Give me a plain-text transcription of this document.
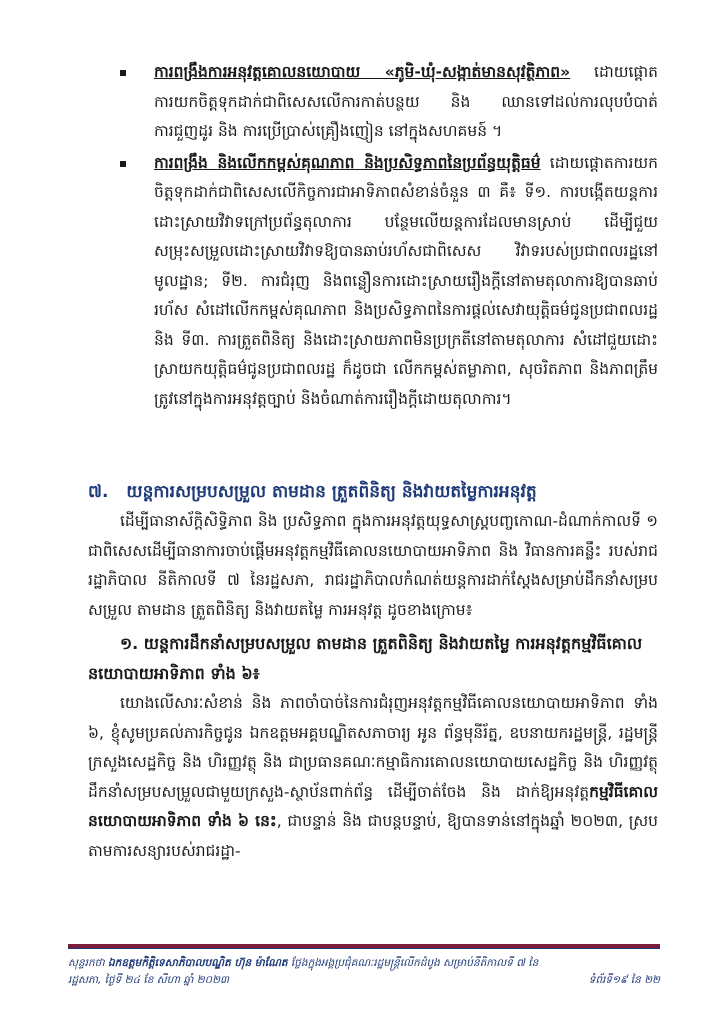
ការពង្រឹងការអនុវត្តគោលនយោបាយ «ភូមិ-ឃុំ-សង្កាត់មានសុវត្ថិភាព» ដោយផ្តោតការយកចិត្តទុកដាក់ជាពិសេសលើការកាត់បន្ថយ និង ឈានទៅដល់ការលុបបំបាត់ ការជួញដូរ និង ការប្រើប្រាស់គ្រឿងញៀន នៅក្នុងសហគមន៍ ។

ការពង្រឹង និងលើកកម្ពស់គុណភាព និងប្រសិទ្ធភាពនៃប្រព័ន្ធយុត្តិធម៌ ដោយផ្តោតការយកចិត្តទុកដាក់ជាពិសេសលើកិច្ចការជាអាទិភាពសំខាន់ចំនួន ៣ គឺ៖ ទី១. ការបង្កើតយន្តការដោះស្រាយវិវាទក្រៅប្រព័ន្ធតុលាការ បន្ថែមលើយន្តការដែលមានស្រាប់ ដើម្បីជួយសម្រុះសម្រួលដោះស្រាយវិវាទឱ្យបានឆាប់រហ័សជាពិសេស វិវាទរបស់ប្រជាពលរដ្ឋនៅមូលដ្ឋាន; ទី២. ការជំរុញ និងពន្លឿនការដោះស្រាយរឿងក្តីនៅតាមតុលាការឱ្យបានឆាប់រហ័ស សំដៅលើកកម្ពស់គុណភាព និងប្រសិទ្ធភាពនៃការផ្តល់សេវាយុត្តិធម៌ជូនប្រជាពលរដ្ឋ និង ទី៣. ការត្រួតពិនិត្យ និងដោះស្រាយភាពមិនប្រក្រតីនៅតាមតុលាការ សំដៅជួយដោះស្រាយកយុត្តិធម៌ជូនប្រជាពលរដ្ឋ ក៏ដូចជា លើកកម្ពស់តម្លាភាព, សុចរិតភាព និងភាពត្រឹមត្រូវនៅក្នុងការអនុវត្តច្បាប់ និងចំណាត់ការរឿងក្តីដោយតុលាការ។

៧. យន្តការសម្របសម្រួល តាមដាន ត្រួតពិនិត្យ និងវាយតម្លៃការអនុវត្ត

ដើម្បីធានាស័ក្តិសិទ្ធិភាព និង ប្រសិទ្ធភាព ក្នុងការអនុវត្តយុទ្ធសាស្ត្របញ្ចកោណ-ដំណាក់កាលទី ១ ជាពិសេសដើម្បីធានាការចាប់ផ្តើមអនុវត្តកម្មវិធីគោលនយោបាយអាទិភាព និង វិធានការគន្លឹះ របស់រាជរដ្ឋាភិបាល នីតិកាលទី ៧ នៃរដ្ឋសភា, រាជរដ្ឋាភិបាលកំណត់យន្តការដាក់ស្តែងសម្រាប់ដឹកនាំសម្របសម្រួល តាមដាន ត្រួតពិនិត្យ និងវាយតម្លៃ ការអនុវត្ត ដូចខាងក្រោម៖

១. យន្តការដឹកនាំសម្របសម្រួល តាមដាន ត្រួតពិនិត្យ និងវាយតម្លៃ ការអនុវត្តកម្មវិធីគោលនយោបាយអាទិភាព ទាំង ៦៖

យោងលើសារៈសំខាន់ និង ភាពចាំបាច់នៃការជំរុញអនុវត្តកម្មវិធីគោលនយោបាយអាទិភាព ទាំង ៦, ខ្ញុំសូមប្រគល់ភារកិច្ចជូន ឯកឧត្តមអគ្គបណ្ឌិតសភាចារ្យ អូន ព័ន្ធមុនីរ័ត្ន, ឧបនាយករដ្ឋមន្ត្រី, រដ្ឋមន្ត្រីក្រសួងសេដ្ឋកិច្ច និង ហិរញ្ញវត្ថុ និង ជាប្រធានគណៈកម្មាធិការគោលនយោបាយសេដ្ឋកិច្ច និង ហិរញ្ញវត្ថុ ដឹកនាំសម្របសម្រួលជាមួយក្រសួង-ស្ថាប័នពាក់ព័ន្ធ ដើម្បីចាត់ចែង និង ដាក់ឱ្យអនុវត្តកម្មវិធីគោលនយោបាយអាទិភាព ទាំង ៦ នេះ, ជាបន្ទាន់ និង ជាបន្តបន្ទាប់, ឱ្យបានទាន់នៅក្នុងឆ្នាំ ២០២៣, ស្របតាមការសន្យារបស់រាជរដ្ឋា-

សុន្ទរកថា ឯកឧត្តមកិត្តិទេសាភិបាលបណ្ឌិត ហ៊ុន ម៉ាណែត ថ្លែងក្នុងអង្គប្រជុំគណៈរដ្ឋមន្ត្រីលើកដំបូង សម្រាប់នីតិកាលទី ៧ នៃ
រដ្ឋសភា, ថ្ងៃទី ២៤ ខែ សីហា ឆ្នាំ ២០២៣	ទំព័រទី១៩ នៃ ២២
